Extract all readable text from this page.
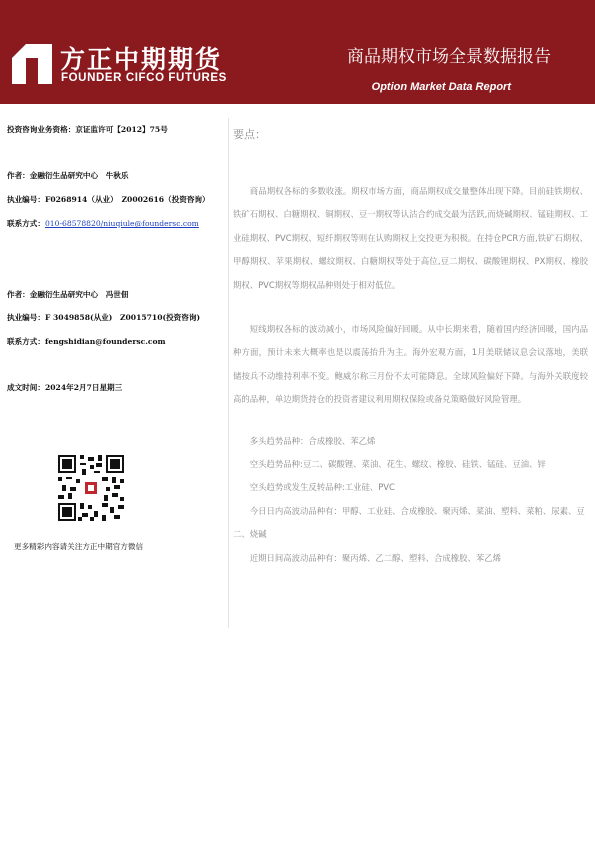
方正中期期货
FOUNDER CIFCO FUTURES
商品期权市场全景数据报告
Option Market Data Report
投资咨询业务资格：京证监许可【2012】75号
作者：金融衍生品研究中心　牛秋乐
执业编号：F0268914（从业）　Z0002616（投资咨询）
联系方式：010-68578820/niuqiule@foundersc.com
作者：金融衍生品研究中心　冯世佃
执业编号：F 3049858(从业)　Z0015710(投资咨询)
联系方式：fengshidian@foundersc.com
成文时间：2024年2月7日星期三
更多精彩内容请关注方正中期官方微信
要点：

商品期权各标的多数收涨。期权市场方面，商品期权成交量整体出现下降。目前硅铁期权、铁矿石期权、白糖期权、铜期权、豆一期权等认沽合约成交最为活跃,而烧碱期权、锰硅期权、工业硅期权、PVC期权、短纤期权等则在认购期权上交投更为积极。在持仓PCR方面,铁矿石期权、甲醇期权、苹果期权、螺纹期权、白糖期权等处于高位,豆二期权、碳酸锂期权、PX期权、橡胶期权、PVC期权等期权品种则处于相对低位。

短线期权各标的波动减小，市场风险偏好回暖。从中长期来看，随着国内经济回暖，国内品种方面，预计未来大概率也是以震荡抬升为主。海外宏观方面，1月美联储议息会议落地，美联储按兵不动维持利率不变。鲍威尔称三月份不太可能降息。全球风险偏好下降。与海外关联度较高的品种，单边期货持仓的投资者建议利用期权保险或备兑策略做好风险管理。

多头趋势品种：合成橡胶、苯乙烯
空头趋势品种:豆二、碳酸锂、菜油、花生、螺纹、橡胶、硅铁、锰硅、豆油、锌
空头趋势或发生反转品种:工业硅、PVC
今日日内高波动品种有：甲醇、工业硅、合成橡胶、聚丙烯、菜油、塑料、菜粕、尿素、豆二、烧碱
近期日间高波动品种有：聚丙烯、乙二醇、塑料、合成橡胶、苯乙烯
